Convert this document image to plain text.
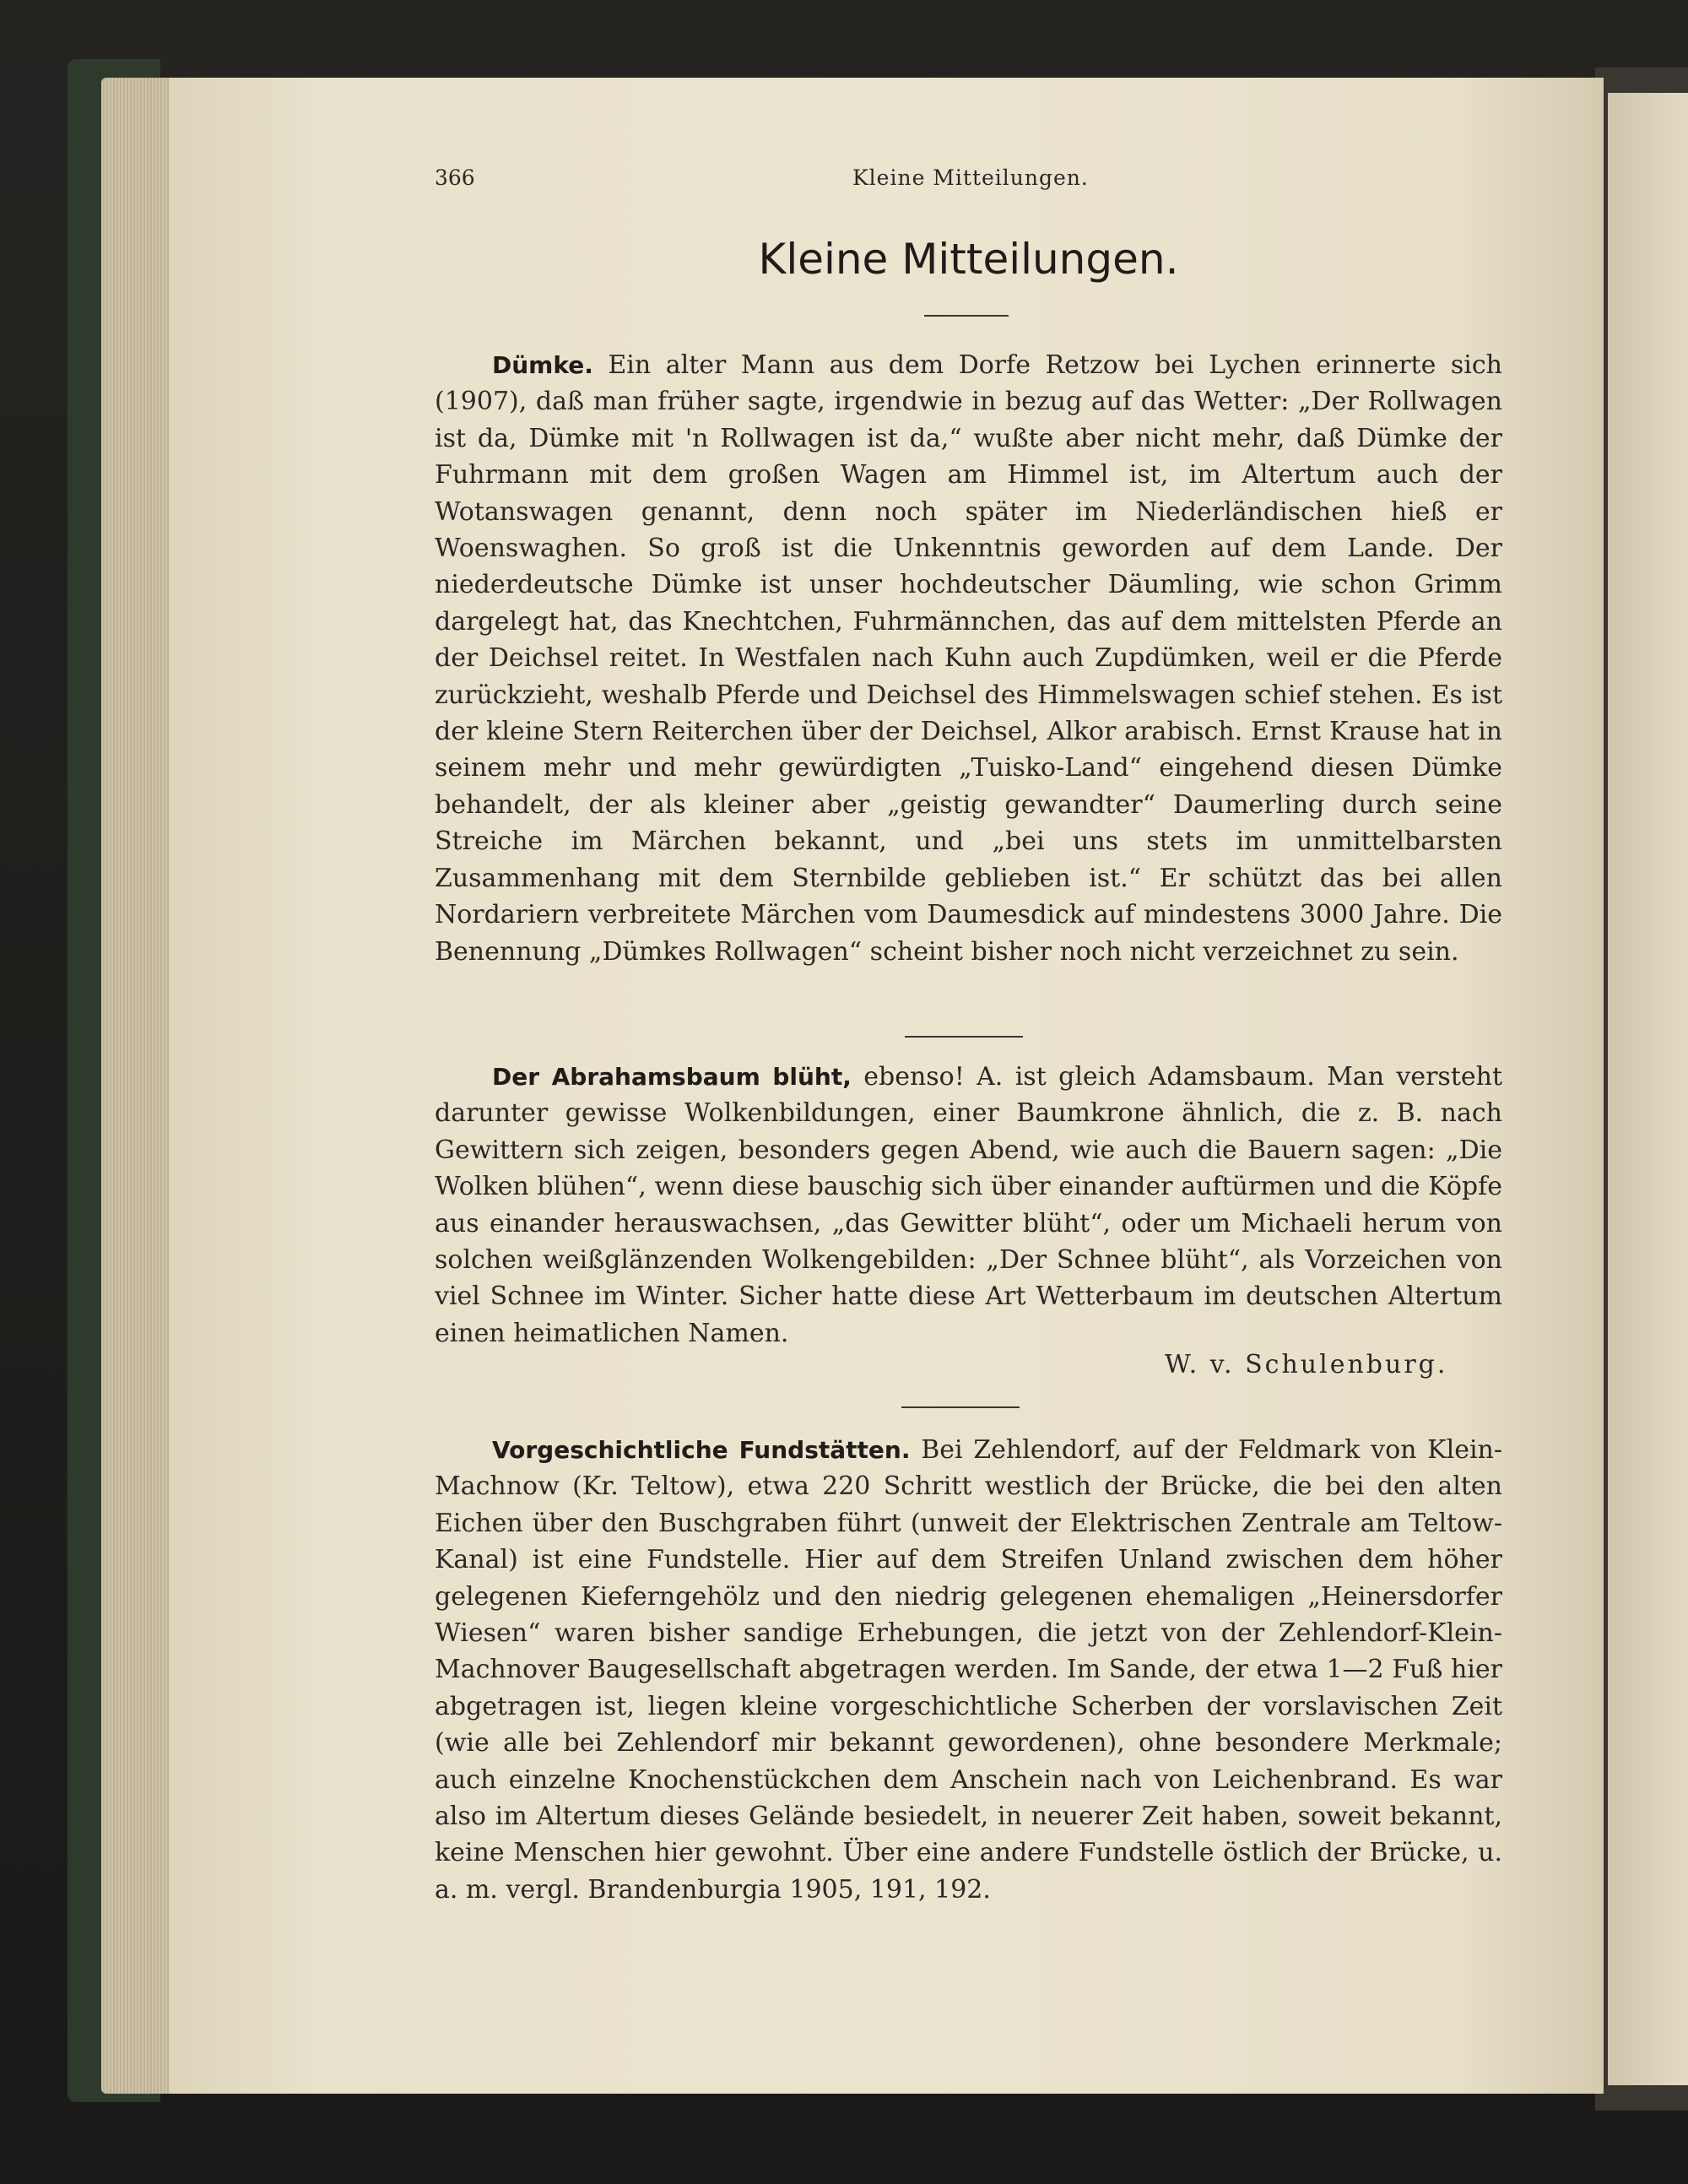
366	Kleine Mitteilungen.
Kleine Mitteilungen.
Dümke. Ein alter Mann aus dem Dorfe Retzow bei Lychen erinnerte sich (1907), daß man früher sagte, irgendwie in bezug auf das Wetter: „Der Rollwagen ist da, Dümke mit 'n Rollwagen ist da,“ wußte aber nicht mehr, daß Dümke der Fuhrmann mit dem großen Wagen am Himmel ist, im Altertum auch der Wotanswagen genannt, denn noch später im Niederländischen hieß er Woenswaghen. So groß ist die Unkenntnis geworden auf dem Lande. Der niederdeutsche Dümke ist unser hochdeutscher Däumling, wie schon Grimm dargelegt hat, das Knechtchen, Fuhrmännchen, das auf dem mittelsten Pferde an der Deichsel reitet. In Westfalen nach Kuhn auch Zupdümken, weil er die Pferde zurückzieht, weshalb Pferde und Deichsel des Himmelswagen schief stehen. Es ist der kleine Stern Reiterchen über der Deichsel, Alkor arabisch. Ernst Krause hat in seinem mehr und mehr gewürdigten „Tuisko-Land“ eingehend diesen Dümke behandelt, der als kleiner aber „geistig gewandter“ Daumerling durch seine Streiche im Märchen bekannt, und „bei uns stets im unmittelbarsten Zusammenhang mit dem Sternbilde geblieben ist.“ Er schützt das bei allen Nordariern verbreitete Märchen vom Daumesdick auf mindestens 3000 Jahre. Die Benennung „Dümkes Rollwagen“ scheint bisher noch nicht verzeichnet zu sein.
Der Abrahamsbaum blüht, ebenso! A. ist gleich Adamsbaum. Man versteht darunter gewisse Wolkenbildungen, einer Baumkrone ähnlich, die z. B. nach Gewittern sich zeigen, besonders gegen Abend, wie auch die Bauern sagen: „Die Wolken blühen“, wenn diese bauschig sich über einander auftürmen und die Köpfe aus einander herauswachsen, „das Gewitter blüht“, oder um Michaeli herum von solchen weißglänzenden Wolkengebilden: „Der Schnee blüht“, als Vorzeichen von viel Schnee im Winter. Sicher hatte diese Art Wetterbaum im deutschen Altertum einen heimatlichen Namen.
W. v. Schulenburg.
Vorgeschichtliche Fundstätten. Bei Zehlendorf, auf der Feldmark von Klein-Machnow (Kr. Teltow), etwa 220 Schritt westlich der Brücke, die bei den alten Eichen über den Buschgraben führt (unweit der Elektrischen Zentrale am Teltow-Kanal) ist eine Fundstelle. Hier auf dem Streifen Unland zwischen dem höher gelegenen Kieferngehölz und den niedrig gelegenen ehemaligen „Heinersdorfer Wiesen“ waren bisher sandige Erhebungen, die jetzt von der Zehlendorf-Klein-Machnover Baugesellschaft abgetragen werden. Im Sande, der etwa 1—2 Fuß hier abgetragen ist, liegen kleine vorgeschichtliche Scherben der vorslavischen Zeit (wie alle bei Zehlendorf mir bekannt gewordenen), ohne besondere Merkmale; auch einzelne Knochenstückchen dem Anschein nach von Leichenbrand. Es war also im Altertum dieses Gelände besiedelt, in neuerer Zeit haben, soweit bekannt, keine Menschen hier gewohnt. Über eine andere Fundstelle östlich der Brücke, u. a. m. vergl. Brandenburgia 1905, 191, 192.
